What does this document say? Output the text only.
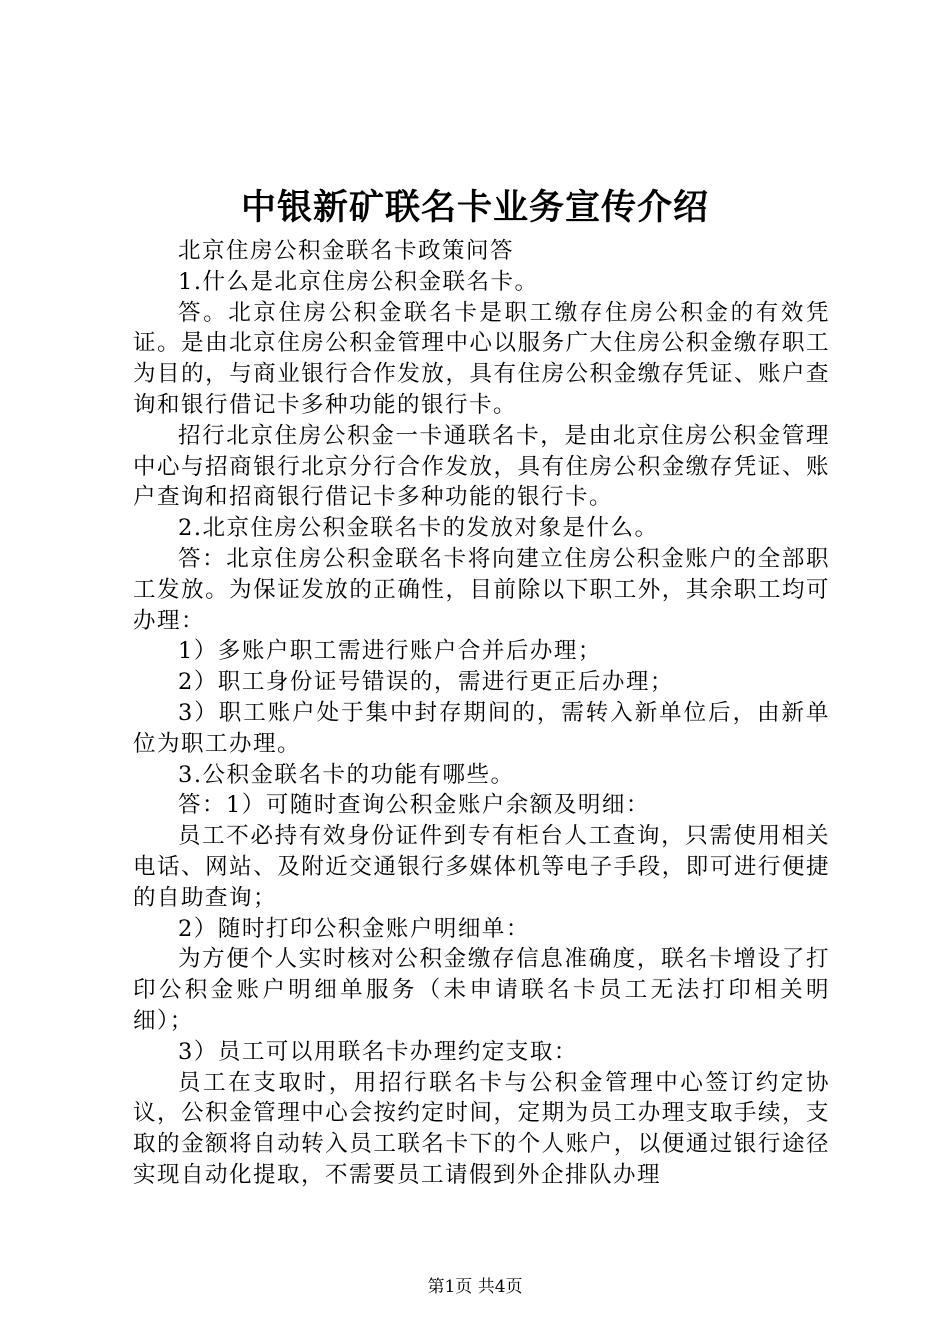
中银新矿联名卡业务宣传介绍

北京住房公积金联名卡政策问答

1.什么是北京住房公积金联名卡。

答。北京住房公积金联名卡是职工缴存住房公积金的有效凭证。是由北京住房公积金管理中心以服务广大住房公积金缴存职工为目的，与商业银行合作发放，具有住房公积金缴存凭证、账户查询和银行借记卡多种功能的银行卡。

招行北京住房公积金一卡通联名卡，是由北京住房公积金管理中心与招商银行北京分行合作发放，具有住房公积金缴存凭证、账户查询和招商银行借记卡多种功能的银行卡。

2.北京住房公积金联名卡的发放对象是什么。

答：北京住房公积金联名卡将向建立住房公积金账户的全部职工发放。为保证发放的正确性，目前除以下职工外，其余职工均可办理：

1）多账户职工需进行账户合并后办理；

2）职工身份证号错误的，需进行更正后办理；

3）职工账户处于集中封存期间的，需转入新单位后，由新单位为职工办理。

3.公积金联名卡的功能有哪些。

答：1）可随时查询公积金账户余额及明细：

员工不必持有效身份证件到专有柜台人工查询，只需使用相关电话、网站、及附近交通银行多媒体机等电子手段，即可进行便捷的自助查询；

2）随时打印公积金账户明细单：

为方便个人实时核对公积金缴存信息准确度，联名卡增设了打印公积金账户明细单服务（未申请联名卡员工无法打印相关明细）；

3）员工可以用联名卡办理约定支取：

员工在支取时，用招行联名卡与公积金管理中心签订约定协议，公积金管理中心会按约定时间，定期为员工办理支取手续，支取的金额将自动转入员工联名卡下的个人账户，以便通过银行途径实现自动化提取，不需要员工请假到外企排队办理

第1页 共4页
